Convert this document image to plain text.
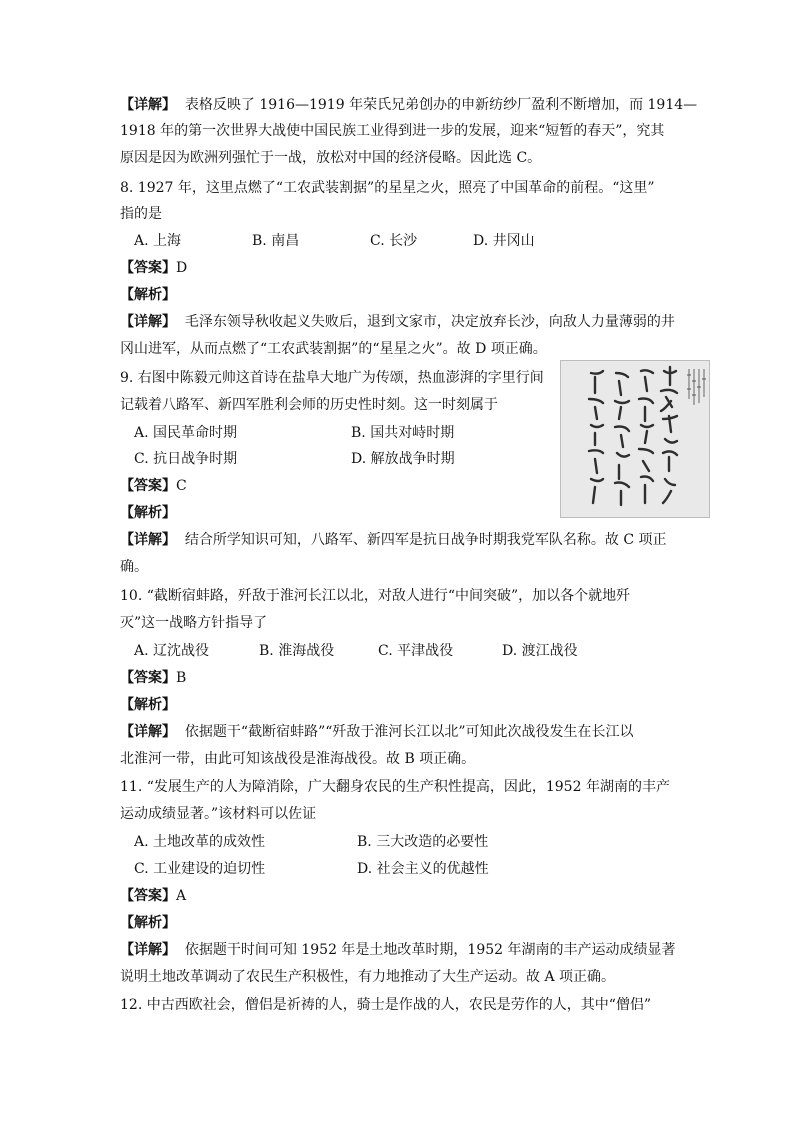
【详解】 表格反映了 1916—1919 年荣氏兄弟创办的申新纺纱厂盈利不断增加，而 1914—
1918 年的第一次世界大战使中国民族工业得到进一步的发展，迎来“短暂的春天”，究其
原因是因为欧洲列强忙于一战，放松对中国的经济侵略。因此选 C。
8. 1927 年，这里点燃了“工农武装割据”的星星之火，照亮了中国革命的前程。“这里”
指的是
A. 上海	B. 南昌	C. 长沙	D. 井冈山
【答案】D
【解析】
【详解】 毛泽东领导秋收起义失败后，退到文家市，决定放弃长沙，向敌人力量薄弱的井
冈山进军，从而点燃了“工农武装割据”的“星星之火”。故 D 项正确。
9. 右图中陈毅元帅这首诗在盐阜大地广为传颂，热血澎湃的字里行间
记载着八路军、新四军胜利会师的历史性时刻。这一时刻属于
A. 国民革命时期	B. 国共对峙时期
C. 抗日战争时期	D. 解放战争时期
【答案】C
【解析】
【详解】 结合所学知识可知，八路军、新四军是抗日战争时期我党军队名称。故 C 项正
确。
10. “截断宿蚌路，歼敌于淮河长江以北，对敌人进行“中间突破”，加以各个就地歼
灭”这一战略方针指导了
A. 辽沈战役	B. 淮海战役	C. 平津战役	D. 渡江战役
【答案】B
【解析】
【详解】 依据题干“截断宿蚌路”“歼敌于淮河长江以北”可知此次战役发生在长江以
北淮河一带，由此可知该战役是淮海战役。故 B 项正确。
11. “发展生产的人为障消除，广大翻身农民的生产积性提高，因此，1952 年湖南的丰产
运动成绩显著。”该材料可以佐证
A. 土地改革的成效性	B. 三大改造的必要性
C. 工业建设的迫切性	D. 社会主义的优越性
【答案】A
【解析】
【详解】 依据题干时间可知 1952 年是土地改革时期，1952 年湖南的丰产运动成绩显著
说明土地改革调动了农民生产积极性，有力地推动了大生产运动。故 A 项正确。
12. 中古西欧社会，僧侣是祈祷的人，骑士是作战的人，农民是劳作的人，其中“僧侣”
